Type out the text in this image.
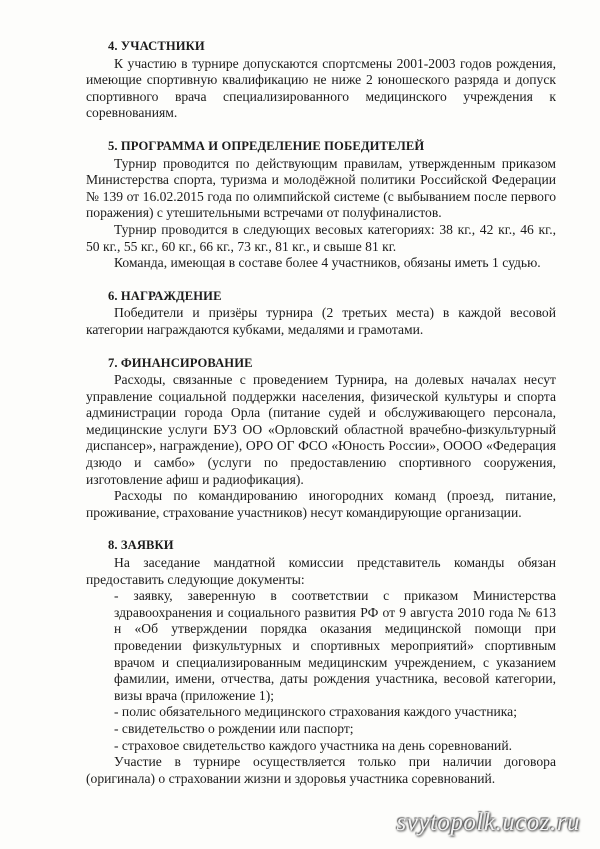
4. УЧАСТНИКИ

К участию в турнире допускаются спортсмены 2001-2003 годов рождения, имеющие спортивную квалификацию не ниже 2 юношеского разряда и допуск спортивного врача специализированного медицинского учреждения к соревнованиям.

5. ПРОГРАММА И ОПРЕДЕЛЕНИЕ ПОБЕДИТЕЛЕЙ

Турнир проводится по действующим правилам, утвержденным приказом Министерства спорта, туризма и молодёжной политики Российской Федерации № 139 от 16.02.2015 года по олимпийской системе (с выбыванием после первого поражения) с утешительными встречами от полуфиналистов.

Турнир проводится в следующих весовых категориях: 38 кг., 42 кг., 46 кг., 50 кг., 55 кг., 60 кг., 66 кг., 73 кг., 81 кг., и свыше 81 кг.

Команда, имеющая в составе более 4 участников, обязаны иметь 1 судью.

6. НАГРАЖДЕНИЕ

Победители и призёры турнира (2 третьих места) в каждой весовой категории награждаются кубками, медалями и грамотами.

7. ФИНАНСИРОВАНИЕ

Расходы, связанные с проведением Турнира, на долевых началах несут управление социальной поддержки населения, физической культуры и спорта администрации города Орла (питание судей и обслуживающего персонала, медицинские услуги БУЗ ОО «Орловский областной врачебно-физкультурный диспансер», награждение), ОРО ОГ ФСО «Юность России», ОООО «Федерация дзюдо и самбо» (услуги по предоставлению спортивного сооружения, изготовление афиш и радиофикация).

Расходы по командированию иногородних команд (проезд, питание, проживание, страхование участников) несут командирующие организации.

8. ЗАЯВКИ

На заседание мандатной комиссии представитель команды обязан предоставить следующие документы:

- заявку, заверенную в соответствии с приказом Министерства здравоохранения и социального развития РФ от 9 августа 2010 года № 613 н «Об утверждении порядка оказания медицинской помощи при проведении физкультурных и спортивных мероприятий» спортивным врачом и специализированным медицинским учреждением, с указанием фамилии, имени, отчества, даты рождения участника, весовой категории, визы врача (приложение 1);
- полис обязательного медицинского страхования каждого участника;
- свидетельство о рождении или паспорт;
- страховое свидетельство каждого участника на день соревнований.

Участие в турнире осуществляется только при наличии договора (оригинала) о страховании жизни и здоровья участника соревнований.

svytopolk.ucoz.ru
